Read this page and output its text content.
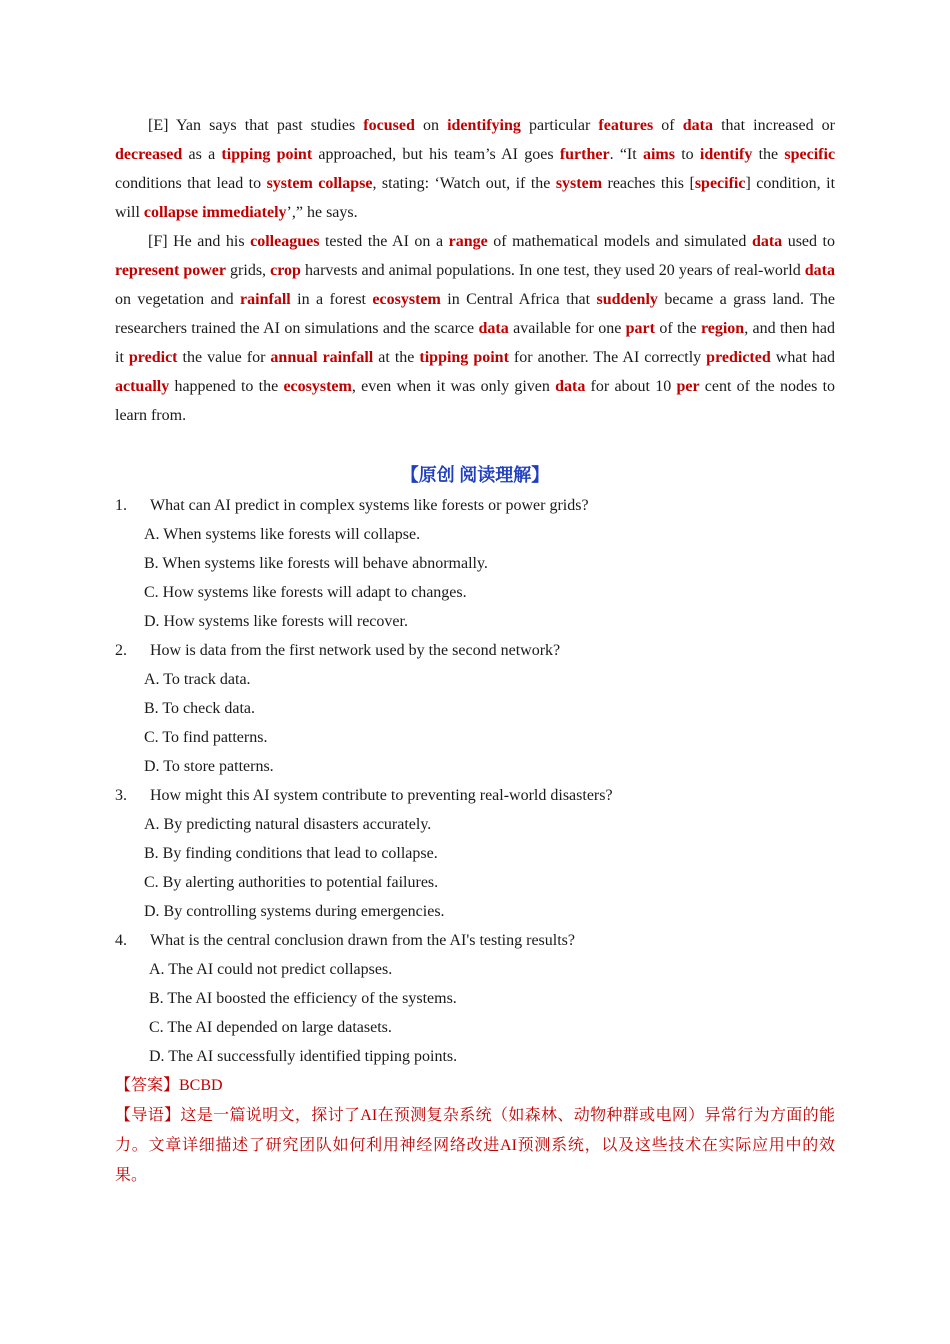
[E] Yan says that past studies focused on identifying particular features of data that increased or decreased as a tipping point approached, but his team’s AI goes further. “It aims to identify the specific conditions that lead to system collapse, stating: ‘Watch out, if the system reaches this [specific] condition, it will collapse immediately’,” he says.

[F] He and his colleagues tested the AI on a range of mathematical models and simulated data used to represent power grids, crop harvests and animal populations. In one test, they used 20 years of real-world data on vegetation and rainfall in a forest ecosystem in Central Africa that suddenly became a grass land. The researchers trained the AI on simulations and the scarce data available for one part of the region, and then had it predict the value for annual rainfall at the tipping point for another. The AI correctly predicted what had actually happened to the ecosystem, even when it was only given data for about 10 per cent of the nodes to learn from.

【原创 阅读理解】

1. What can AI predict in complex systems like forests or power grids?

A. When systems like forests will collapse.

B. When systems like forests will behave abnormally.

C. How systems like forests will adapt to changes.

D. How systems like forests will recover.

2. How is data from the first network used by the second network?

A. To track data.

B. To check data.

C. To find patterns.

D. To store patterns.

3. How might this AI system contribute to preventing real-world disasters?

A. By predicting natural disasters accurately.

B. By finding conditions that lead to collapse.

C. By alerting authorities to potential failures.

D. By controlling systems during emergencies.

4. What is the central conclusion drawn from the AI's testing results?

A. The AI could not predict collapses.

B. The AI boosted the efficiency of the systems.

C. The AI depended on large datasets.

D. The AI successfully identified tipping points.

【答案】BCBD

【导语】这是一篇说明文，探讨了AI在预测复杂系统（如森林、动物种群或电网）异常行为方面的能力。文章详细描述了研究团队如何利用神经网络改进AI预测系统，以及这些技术在实际应用中的效果。
